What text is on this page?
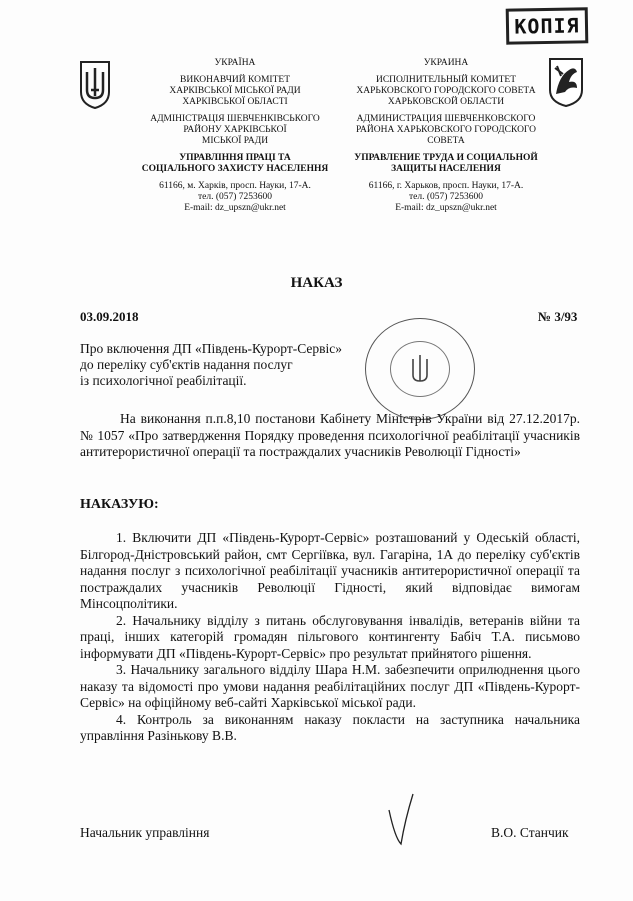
КОПІЯ
УКРАЇНА
ВИКОНАВЧИЙ КОМІТЕТ
ХАРКІВСЬКОЇ МІСЬКОЇ РАДИ
ХАРКІВСЬКОЇ ОБЛАСТІ
АДМІНІСТРАЦІЯ ШЕВЧЕНКІВСЬКОГО
РАЙОНУ ХАРКІВСЬКОЇ
МІСЬКОЇ РАДИ
УПРАВЛІННЯ ПРАЦІ ТА
СОЦІАЛЬНОГО ЗАХИСТУ НАСЕЛЕННЯ
61166, м. Харків, просп. Науки, 17-А.
тел. (057) 7253600
E-mail: dz_upszn@ukr.net
УКРАИНА
ИСПОЛНИТЕЛЬНЫЙ КОМИТЕТ
ХАРЬКОВСКОГО ГОРОДСКОГО СОВЕТА
ХАРЬКОВСКОЙ ОБЛАСТИ
АДМИНИСТРАЦИЯ ШЕВЧЕНКОВСКОГО
РАЙОНА ХАРЬКОВСКОГО ГОРОДСКОГО
СОВЕТА
УПРАВЛЕНИЕ ТРУДА И СОЦИАЛЬНОЙ
ЗАЩИТЫ НАСЕЛЕНИЯ
61166, г. Харьков, просп. Науки, 17-А.
тел. (057) 7253600
E-mail: dz_upszn@ukr.net
НАКАЗ
03.09.2018	№ 3/93
Про включення ДП «Південь-Курорт-Сервіс»
до переліку суб'єктів надання послуг
із психологічної реабілітації.
На виконання п.п.8,10 постанови Кабінету Міністрів України від 27.12.2017р. № 1057 «Про затвердження Порядку проведення психологічної реабілітації учасників антитерористичної операції та постраждалих учасників Революції Гідності»
НАКАЗУЮ:
1. Включити ДП «Південь-Курорт-Сервіс» розташований у Одеській області, Білгород-Дністровський район, смт Сергіївка, вул. Гагаріна, 1А до переліку суб'єктів надання послуг з психологічної реабілітації учасників антитерористичної операції та постраждалих учасників Революції Гідності, який відповідає вимогам Мінсоцполітики.
2. Начальнику відділу з питань обслуговування інвалідів, ветеранів війни та праці, інших категорій громадян пільгового контингенту Бабіч Т.А. письмово інформувати ДП «Південь-Курорт-Сервіс» про результат прийнятого рішення.
3. Начальнику загального відділу Шара Н.М. забезпечити оприлюднення цього наказу та відомості про умови надання реабілітаційних послуг ДП «Південь-Курорт-Сервіс» на офіційному веб-сайті Харківської міської ради.
4. Контроль за виконанням наказу покласти на заступника начальника управління Разінькову В.В.
Начальник управління	В.О. Станчик
